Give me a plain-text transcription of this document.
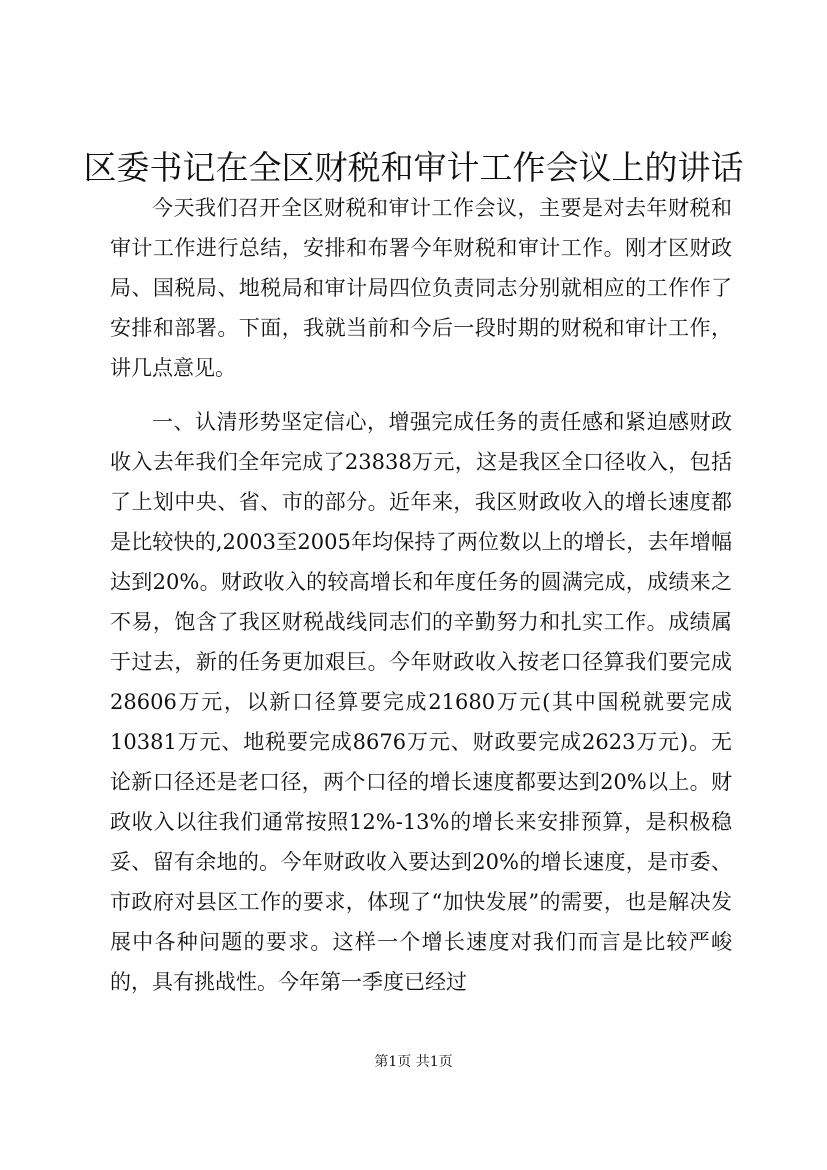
区委书记在全区财税和审计工作会议上的讲话

今天我们召开全区财税和审计工作会议，主要是对去年财税和审计工作进行总结，安排和布署今年财税和审计工作。刚才区财政局、国税局、地税局和审计局四位负责同志分别就相应的工作作了安排和部署。下面，我就当前和今后一段时期的财税和审计工作，讲几点意见。

一、认清形势坚定信心，增强完成任务的责任感和紧迫感财政收入去年我们全年完成了23838万元，这是我区全口径收入，包括了上划中央、省、市的部分。近年来，我区财政收入的增长速度都是比较快的,2003至2005年均保持了两位数以上的增长，去年增幅达到20%。财政收入的较高增长和年度任务的圆满完成，成绩来之不易，饱含了我区财税战线同志们的辛勤努力和扎实工作。成绩属于过去，新的任务更加艰巨。今年财政收入按老口径算我们要完成28606万元，以新口径算要完成21680万元(其中国税就要完成10381万元、地税要完成8676万元、财政要完成2623万元)。无论新口径还是老口径，两个口径的增长速度都要达到20%以上。财政收入以往我们通常按照12%-13%的增长来安排预算，是积极稳妥、留有余地的。今年财政收入要达到20%的增长速度，是市委、市政府对县区工作的要求，体现了“加快发展”的需要，也是解决发展中各种问题的要求。这样一个增长速度对我们而言是比较严峻的，具有挑战性。今年第一季度已经过

第1页 共1页
